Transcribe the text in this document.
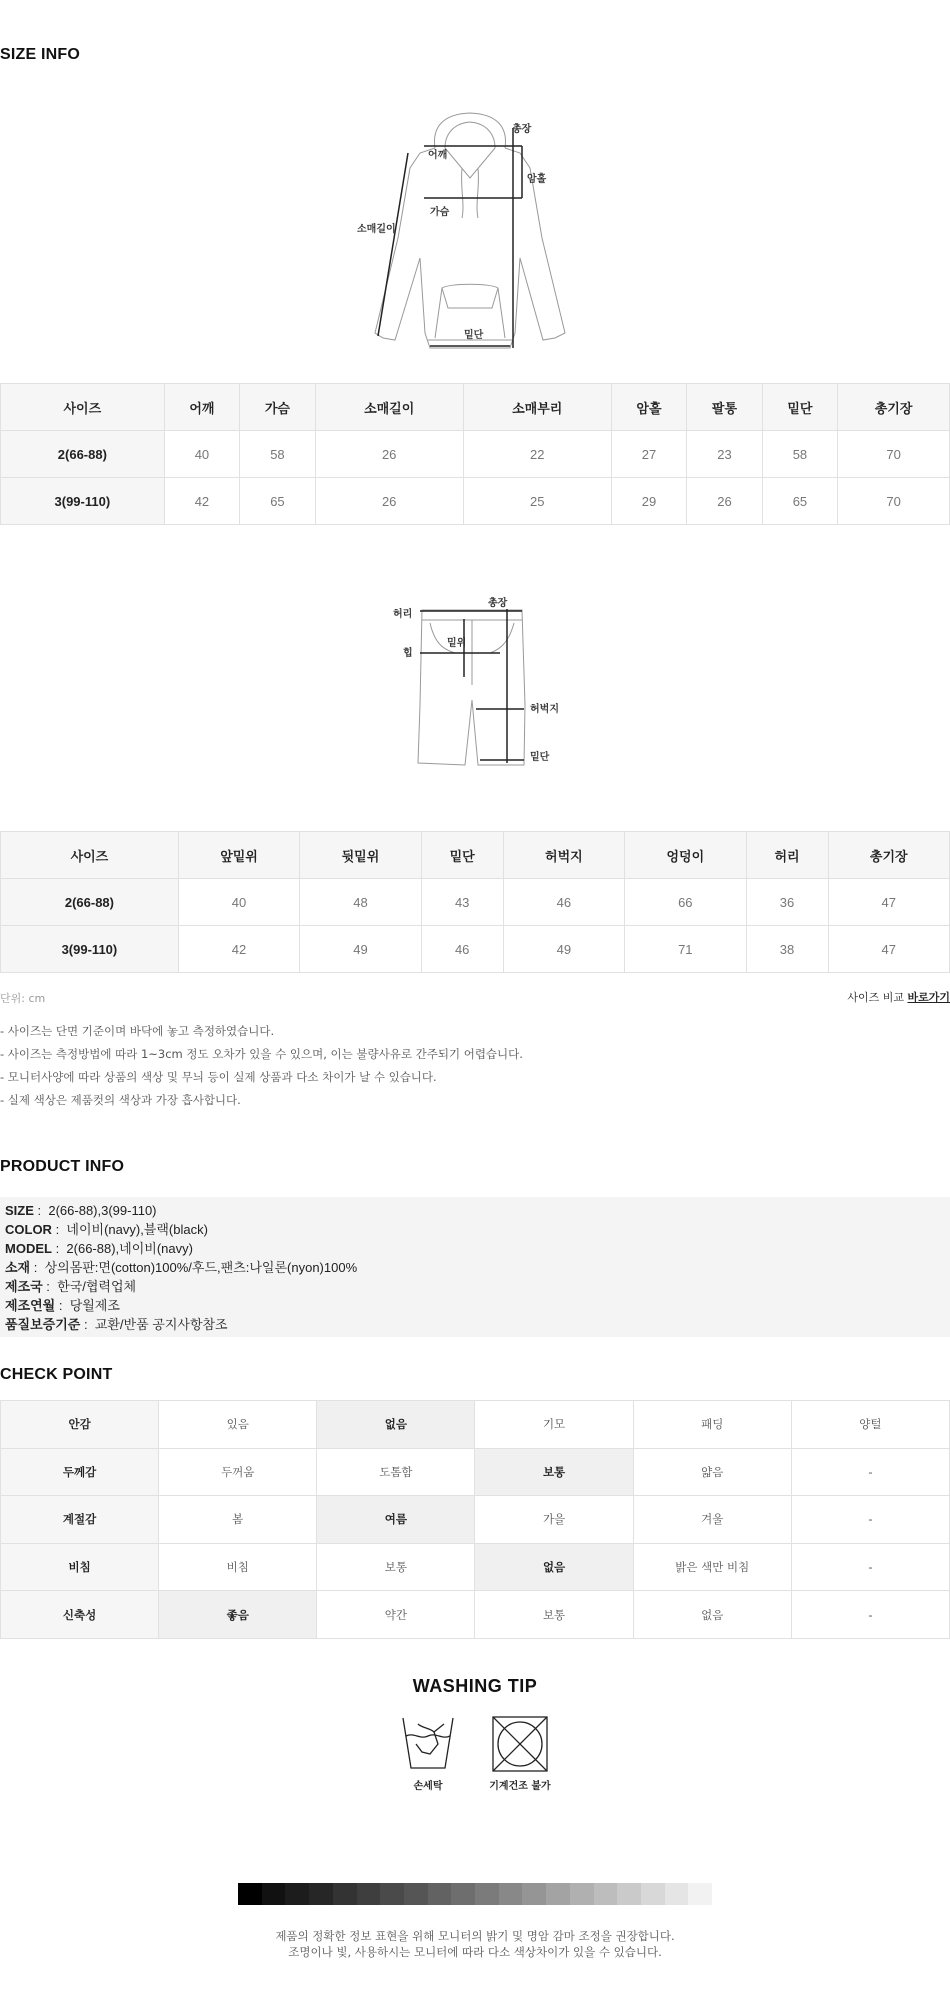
SIZE INFO
총장
어깨
암홀
가슴
소매길이
밑단
사이즈	어깨	가슴	소매길이	소매부리	암홀	팔통	밑단	총기장
2(66-88)	40	58	26	22	27	23	58	70
3(99-110)	42	65	26	25	29	26	65	70
허리
총장
밑위
힙
허벅지
밑단
사이즈	앞밑위	뒷밑위	밑단	허벅지	엉덩이	허리	총기장
2(66-88)	40	48	43	46	66	36	47
3(99-110)	42	49	46	49	71	38	47
단위: cm	사이즈 비교 바로가기
- 사이즈는 단면 기준이며 바닥에 놓고 측정하였습니다.
- 사이즈는 측정방법에 따라 1~3cm 정도 오차가 있을 수 있으며, 이는 불량사유로 간주되기 어렵습니다.
- 모니터사양에 따라 상품의 색상 및 무늬 등이 실제 상품과 다소 차이가 날 수 있습니다.
- 실제 색상은 제품컷의 색상과 가장 흡사합니다.
PRODUCT INFO
SIZE :  2(66-88),3(99-110)
COLOR :  네이비(navy),블랙(black)
MODEL :  2(66-88),네이비(navy)
소재 :  상의몸판:면(cotton)100%/후드,팬츠:나일론(nyon)100%
제조국 :  한국/협력업체
제조연월 :  당월제조
품질보증기준 :  교환/반품 공지사항참조
CHECK POINT
안감	있음	없음	기모	패딩	양털
두께감	두꺼움	도톰함	보통	얇음	-
계절감	봄	여름	가을	겨울	-
비침	비침	보통	없음	밝은 색만 비침	-
신축성	좋음	약간	보통	없음	-
WASHING TIP
손세탁	기계건조 불가
제품의 정확한 정보 표현을 위해 모니터의 밝기 및 명암 감마 조정을 권장합니다.
조명이나 빛, 사용하시는 모니터에 따라 다소 색상차이가 있을 수 있습니다.
